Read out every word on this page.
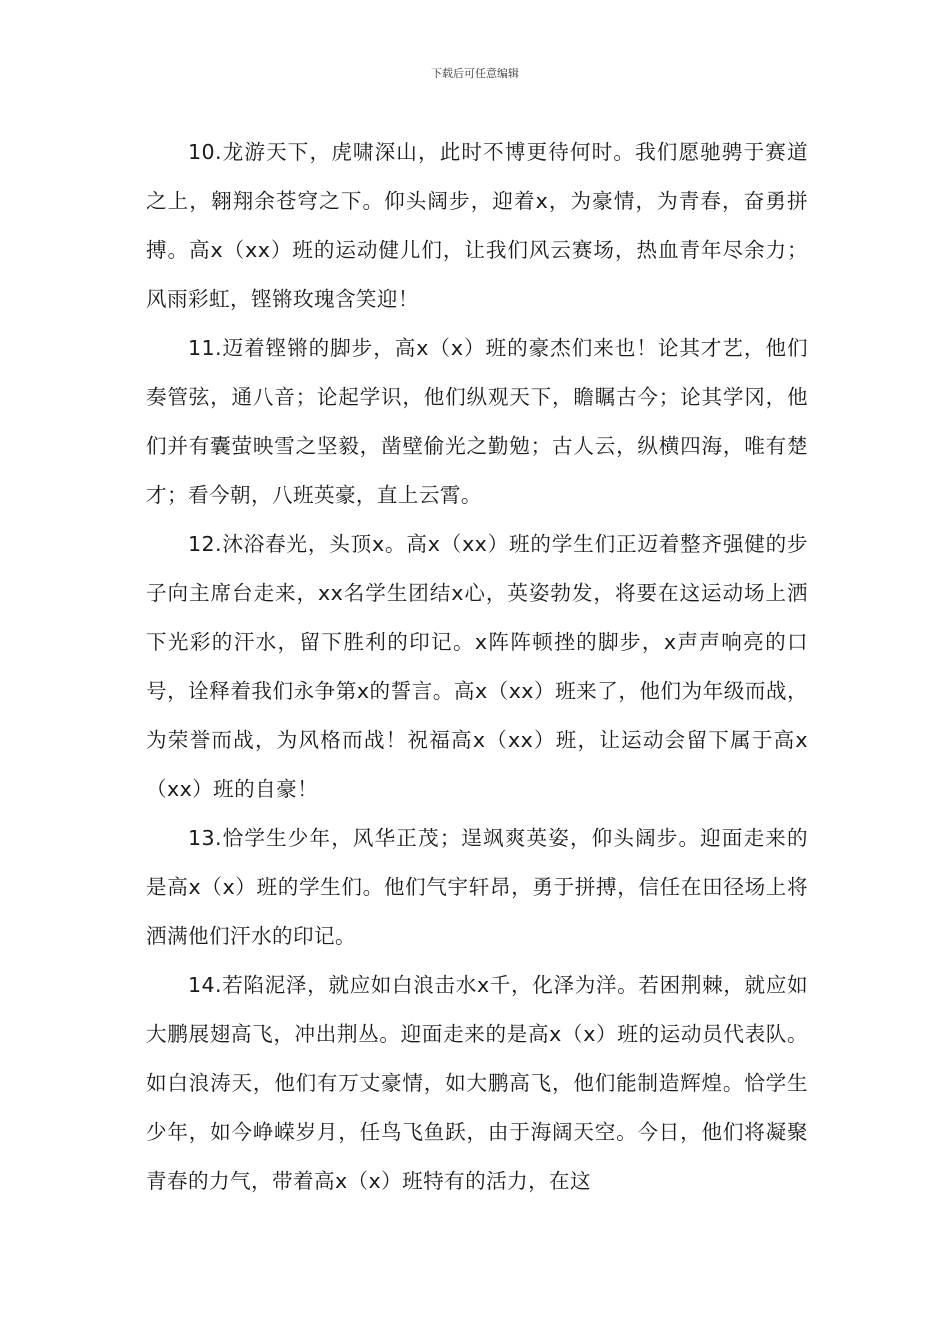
下载后可任意编辑

10.龙游天下，虎啸深山，此时不博更待何时。我们愿驰骋于赛道之上，翱翔余苍穹之下。仰头阔步，迎着x，为豪情，为青春，奋勇拼搏。高x（xx）班的运动健儿们，让我们风云赛场，热血青年尽余力；风雨彩虹，铿锵玫瑰含笑迎！

11.迈着铿锵的脚步，高x（x）班的豪杰们来也！论其才艺，他们奏管弦，通八音；论起学识，他们纵观天下，瞻瞩古今；论其学冈，他们并有囊萤映雪之坚毅，凿壁偷光之勤勉；古人云，纵横四海，唯有楚才；看今朝，八班英豪，直上云霄。

12.沐浴春光，头顶x。高x（xx）班的学生们正迈着整齐强健的步子向主席台走来，xx名学生团结x心，英姿勃发，将要在这运动场上洒下光彩的汗水，留下胜利的印记。x阵阵顿挫的脚步，x声声响亮的口号，诠释着我们永争第x的誓言。高x（xx）班来了，他们为年级而战，为荣誉而战，为风格而战！祝福高x（xx）班，让运动会留下属于高x（xx）班的自豪！

13.恰学生少年，风华正茂；逞飒爽英姿，仰头阔步。迎面走来的是高x（x）班的学生们。他们气宇轩昂，勇于拼搏，信任在田径场上将洒满他们汗水的印记。

14.若陷泥泽，就应如白浪击水x千，化泽为洋。若困荆棘，就应如大鹏展翅高飞，冲出荆丛。迎面走来的是高x（x）班的运动员代表队。如白浪涛天，他们有万丈豪情，如大鹏高飞，他们能制造辉煌。恰学生少年，如今峥嵘岁月，任鸟飞鱼跃，由于海阔天空。今日，他们将凝聚青春的力气，带着高x（x）班特有的活力，在这
